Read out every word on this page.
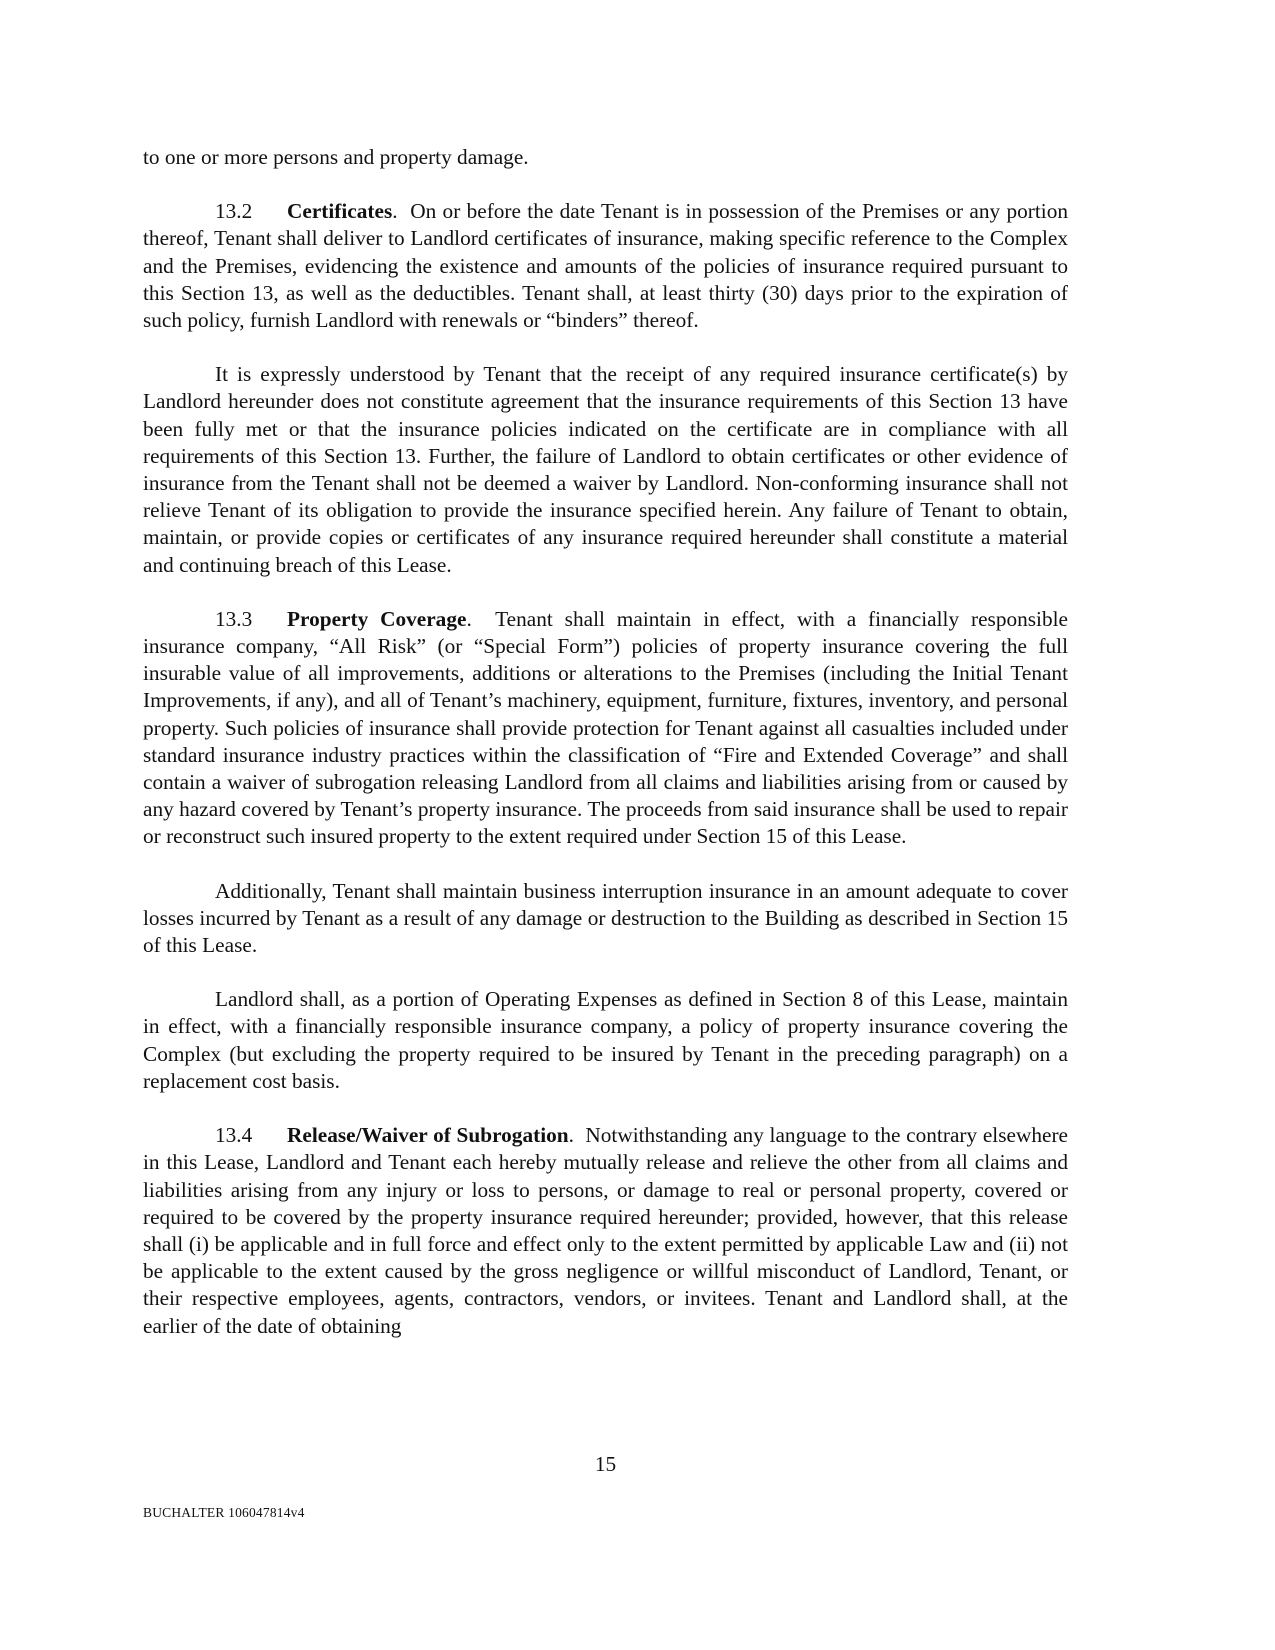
to one or more persons and property damage.

13.2 Certificates.  On or before the date Tenant is in possession of the Premises or any portion thereof, Tenant shall deliver to Landlord certificates of insurance, making specific reference to the Complex and the Premises, evidencing the existence and amounts of the policies of insurance required pursuant to this Section 13, as well as the deductibles. Tenant shall, at least thirty (30) days prior to the expiration of such policy, furnish Landlord with renewals or “binders” thereof.

It is expressly understood by Tenant that the receipt of any required insurance certificate(s) by Landlord hereunder does not constitute agreement that the insurance requirements of this Section 13 have been fully met or that the insurance policies indicated on the certificate are in compliance with all requirements of this Section 13. Further, the failure of Landlord to obtain certificates or other evidence of insurance from the Tenant shall not be deemed a waiver by Landlord. Non-conforming insurance shall not relieve Tenant of its obligation to provide the insurance specified herein. Any failure of Tenant to obtain, maintain, or provide copies or certificates of any insurance required hereunder shall constitute a material and continuing breach of this Lease.

13.3 Property Coverage.  Tenant shall maintain in effect, with a financially responsible insurance company, “All Risk” (or “Special Form”) policies of property insurance covering the full insurable value of all improvements, additions or alterations to the Premises (including the Initial Tenant Improvements, if any), and all of Tenant’s machinery, equipment, furniture, fixtures, inventory, and personal property. Such policies of insurance shall provide protection for Tenant against all casualties included under standard insurance industry practices within the classification of “Fire and Extended Coverage” and shall contain a waiver of subrogation releasing Landlord from all claims and liabilities arising from or caused by any hazard covered by Tenant’s property insurance. The proceeds from said insurance shall be used to repair or reconstruct such insured property to the extent required under Section 15 of this Lease.

Additionally, Tenant shall maintain business interruption insurance in an amount adequate to cover losses incurred by Tenant as a result of any damage or destruction to the Building as described in Section 15 of this Lease.

Landlord shall, as a portion of Operating Expenses as defined in Section 8 of this Lease, maintain in effect, with a financially responsible insurance company, a policy of property insurance covering the Complex (but excluding the property required to be insured by Tenant in the preceding paragraph) on a replacement cost basis.

13.4 Release/Waiver of Subrogation.  Notwithstanding any language to the contrary elsewhere in this Lease, Landlord and Tenant each hereby mutually release and relieve the other from all claims and liabilities arising from any injury or loss to persons, or damage to real or personal property, covered or required to be covered by the property insurance required hereunder; provided, however, that this release shall (i) be applicable and in full force and effect only to the extent permitted by applicable Law and (ii) not be applicable to the extent caused by the gross negligence or willful misconduct of Landlord, Tenant, or their respective employees, agents, contractors, vendors, or invitees. Tenant and Landlord shall, at the earlier of the date of obtaining

15
BUCHALTER 106047814v4
